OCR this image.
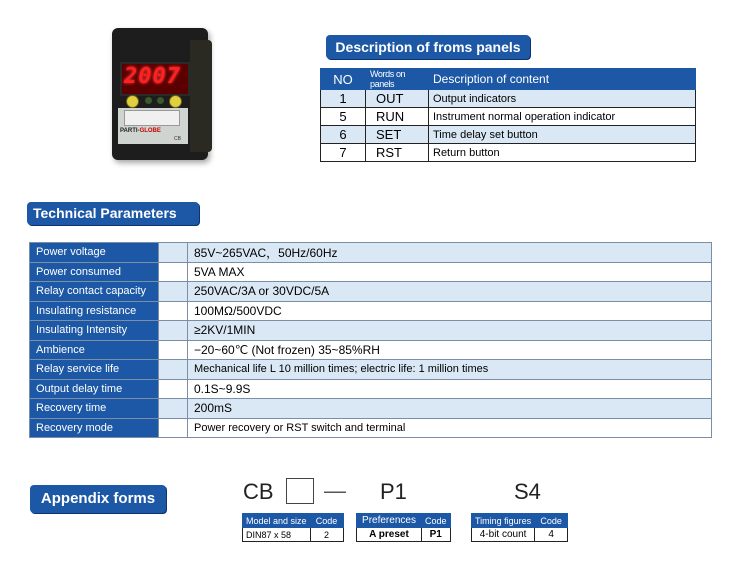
2007
PARTI-GLOBE
CB
Description of froms panels
NO	Words on panels	Description of content
1	OUT	Output indicators
5	RUN	Instrument normal operation indicator
6	SET	Time delay set button
7	RST	Return button
Technical Parameters
Power voltage		85V~265VAC，50Hz/60Hz
Power consumed		5VA MAX
Relay contact capacity		250VAC/3A or 30VDC/5A
Insulating resistance		100MΩ/500VDC
Insulating Intensity		≥2KV/1MIN
Ambience		−20~60℃ (Not frozen) 35~85%RH
Relay service life		Mechanical life L 10 million times; electric life: 1 million times
Output delay time		0.1S~9.9S
Recovery time		200mS
Recovery mode		Power recovery or RST switch and terminal
Appendix forms	CB — P1	S4
Model and size	Code
DIN87 x 58	2
Preferences	Code
A preset	P1
Timing figures	Code
4-bit count	4
